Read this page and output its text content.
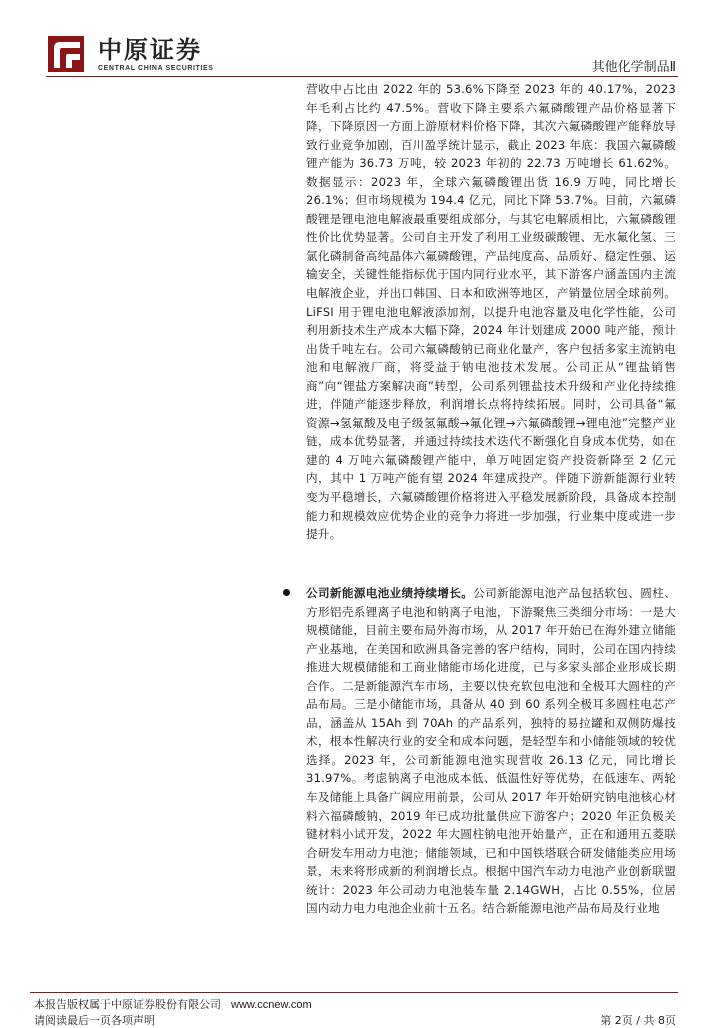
中原证券
CENTRAL CHINA SECURITIES	其他化学制品Ⅱ

营收中占比由 2022 年的 53.6%下降至 2023 年的 40.17%，2023 年毛利占比约 47.5%。营收下降主要系六氟磷酸锂产品价格显著下降，下降原因一方面上游原材料价格下降，其次六氟磷酸锂产能释放导致行业竞争加剧，百川盈孚统计显示，截止 2023 年底：我国六氟磷酸锂产能为 36.73 万吨，较 2023 年初的 22.73 万吨增长 61.62%。数据显示：2023 年，全球六氟磷酸锂出货 16.9 万吨，同比增长 26.1%；但市场规模为 194.4 亿元，同比下降 53.7%。目前，六氟磷酸锂是锂电池电解液最重要组成部分，与其它电解质相比，六氟磷酸锂性价比优势显著。公司自主开发了利用工业级碳酸锂、无水氟化氢、三氯化磷制备高纯晶体六氟磷酸锂，产品纯度高、品质好、稳定性强、运输安全，关键性能指标优于国内同行业水平，其下游客户涵盖国内主流电解液企业，并出口韩国、日本和欧洲等地区，产销量位居全球前列。LiFSI 用于锂电池电解液添加剂，以提升电池容量及电化学性能，公司利用新技术生产成本大幅下降，2024 年计划建成 2000 吨产能，预计出货千吨左右。公司六氟磷酸钠已商业化量产，客户包括多家主流钠电池和电解液厂商，将受益于钠电池技术发展。公司正从“锂盐销售商”向“锂盐方案解决商”转型，公司系列锂盐技术升级和产业化持续推进，伴随产能逐步释放，利润增长点将持续拓展。同时，公司具备“氟资源→氢氟酸及电子级氢氟酸→氟化锂→六氟磷酸锂→锂电池”完整产业链，成本优势显著，并通过持续技术迭代不断强化自身成本优势，如在建的 4 万吨六氟磷酸锂产能中，单万吨固定资产投资新降至 2 亿元内，其中 1 万吨产能有望 2024 年建成投产。伴随下游新能源行业转变为平稳增长，六氟磷酸锂价格将进入平稳发展新阶段，具备成本控制能力和规模效应优势企业的竞争力将进一步加强，行业集中度或进一步提升。

公司新能源电池业绩持续增长。公司新能源电池产品包括软包、圆柱、方形铝壳系锂离子电池和钠离子电池，下游聚焦三类细分市场：一是大规模储能，目前主要布局外海市场，从 2017 年开始已在海外建立储能产业基地，在美国和欧洲具备完善的客户结构，同时，公司在国内持续推进大规模储能和工商业储能市场化进度，已与多家头部企业形成长期合作。二是新能源汽车市场，主要以快充软包电池和全极耳大圆柱的产品布局。三是小储能市场，具备从 40 到 60 系列全极耳多圆柱电芯产品，涵盖从 15Ah 到 70Ah 的产品系列，独特的易拉罐和双侧防爆技术，根本性解决行业的安全和成本问题，是轻型车和小储能领域的较优选择。2023 年，公司新能源电池实现营收 26.13 亿元，同比增长 31.97%。考虑钠离子电池成本低、低温性好等优势，在低速车、两轮车及储能上具备广阔应用前景，公司从 2017 年开始研究钠电池核心材料六福磷酸钠，2019 年已成功批量供应下游客户；2020 年正负极关键材料小试开发，2022 年大圆柱钠电池开始量产，正在和通用五菱联合研发车用动力电池；储能领域，已和中国铁塔联合研发储能类应用场景，未来将形成新的利润增长点。根据中国汽车动力电池产业创新联盟统计：2023 年公司动力电池装车量 2.14GWH，占比 0.55%，位居国内动力电力电池企业前十五名。结合新能源电池产品布局及行业地
本报告版权属于中原证券股份有限公司 www.ccnew.com
请阅读最后一页各项声明	第 2页 / 共 8页
